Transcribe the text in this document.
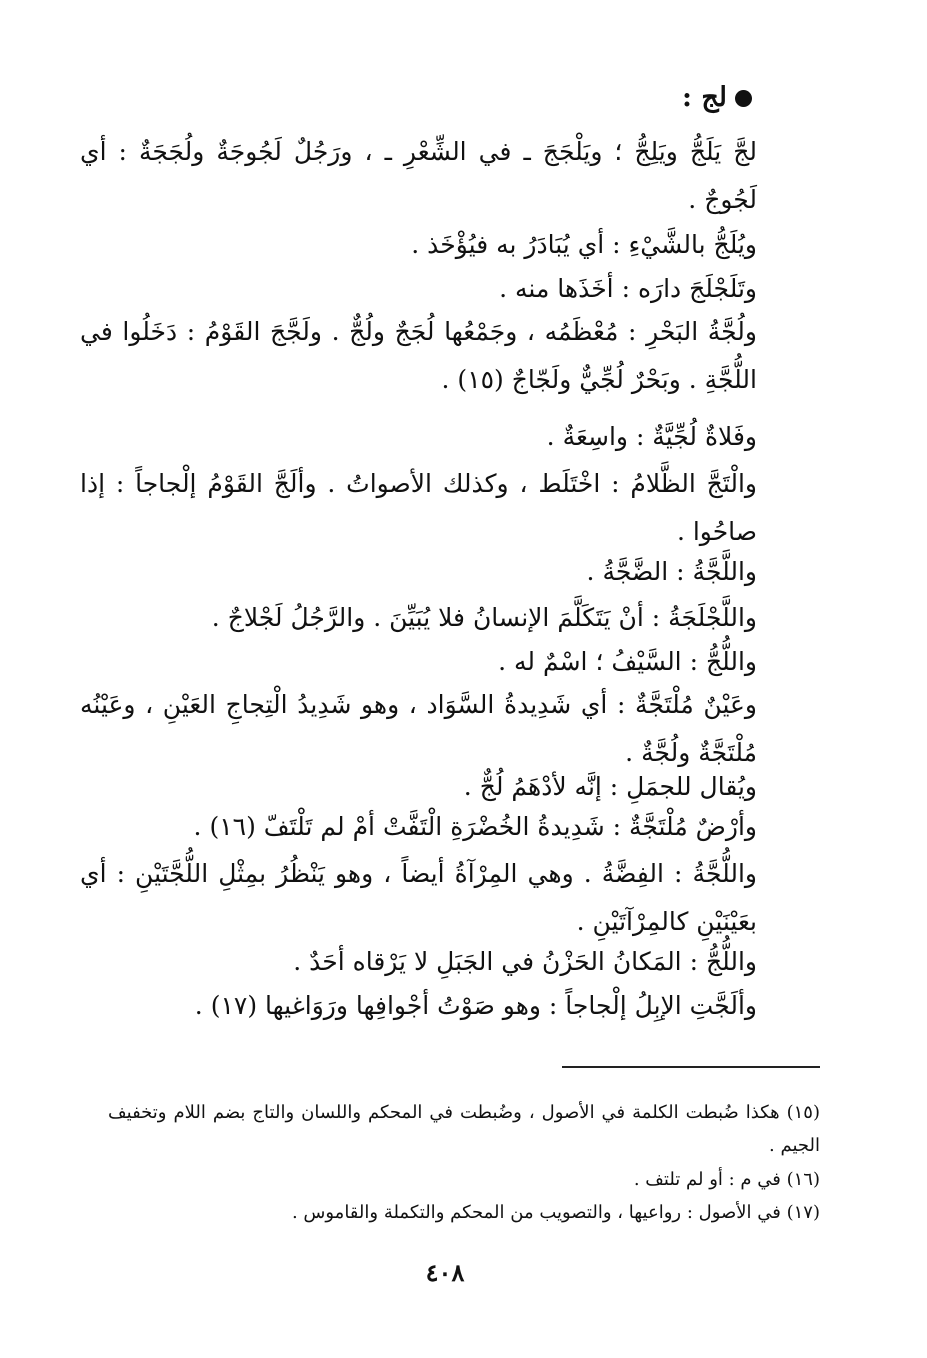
لج :
لجَّ يَلَجُّ ويَلِجُّ ؛ ويَلْجَجَ ـ في الشِّعْرِ ـ ، ورَجُلٌ لَجُوجَةٌ ولُجَجَةٌ : أي لَجُوجٌ .
ويُلَجُّ بالشَّيْءِ : أي يُبَادَرُ به فيُؤْخَذ .
وتَلَجْلَجَ دارَه : أخَذَها منه .
ولُجَّةُ البَحْرِ : مُعْظَمُه ، وجَمْعُها لُجَجٌ ولُجٌّ . ولَجَّجَ القَوْمُ : دَخَلُوا في اللُّجَّةِ . وبَحْرٌ لُجِّيٌّ ولَجّاجٌ (١٥) .
وفَلاةٌ لُجِّيَّةٌ : واسِعَةٌ .
والْتَجَّ الظَّلامُ : اخْتَلَط ، وكذلك الأصواتُ . وألَجَّ القَوْمُ إلْجاجاً : إذا صاحُوا .
واللَّجَّةُ : الضَّجَّةُ .
واللَّجْلَجَةُ : أنْ يَتَكَلَّمَ الإنسانُ فلا يُبَيِّنَ . والرَّجُلُ لَجْلاجٌ .
واللُّجُّ : السَّيْفُ ؛ اسْمٌ له .
وعَيْنٌ مُلْتَجَّةٌ : أي شَدِيدةُ السَّوَاد ، وهو شَدِيدُ الْتِجاجِ العَيْنِ ، وعَيْنُه مُلْتَجَّةٌ ولُجَّةٌ .
ويُقال للجمَلِ : إنَّه لأدْهَمُ لُجٌّ .
وأرْضٌ مُلْتَجَّةٌ : شَدِيدةُ الخُضْرَةِ الْتَفَّتْ أمْ لم تَلْتَفّ (١٦) .
واللُّجَّةُ : الفِضَّةُ . وهي المِرْآةُ أيضاً ، وهو يَنْظُرُ بمِثْلِ اللُّجَّتَيْنِ : أي بعَيْنَيْنِ كالمِرْآتَيْنِ .
واللُّجُّ : المَكانُ الحَزْنُ في الجَبَلِ لا يَرْقاه أحَدٌ .
وألَجَّتِ الإبِلُ إلْجاجاً : وهو صَوْتُ أجْوافِها ورَوَاغيها (١٧) .
(١٥) هكذا ضُبطت الكلمة في الأصول ، وضُبطت في المحكم واللسان والتاج بضم اللام وتخفيف الجيم .
(١٦) في م : أو لم تلتف .
(١٧) في الأصول : رواعيها ، والتصويب من المحكم والتكملة والقاموس .
٤٠٨
